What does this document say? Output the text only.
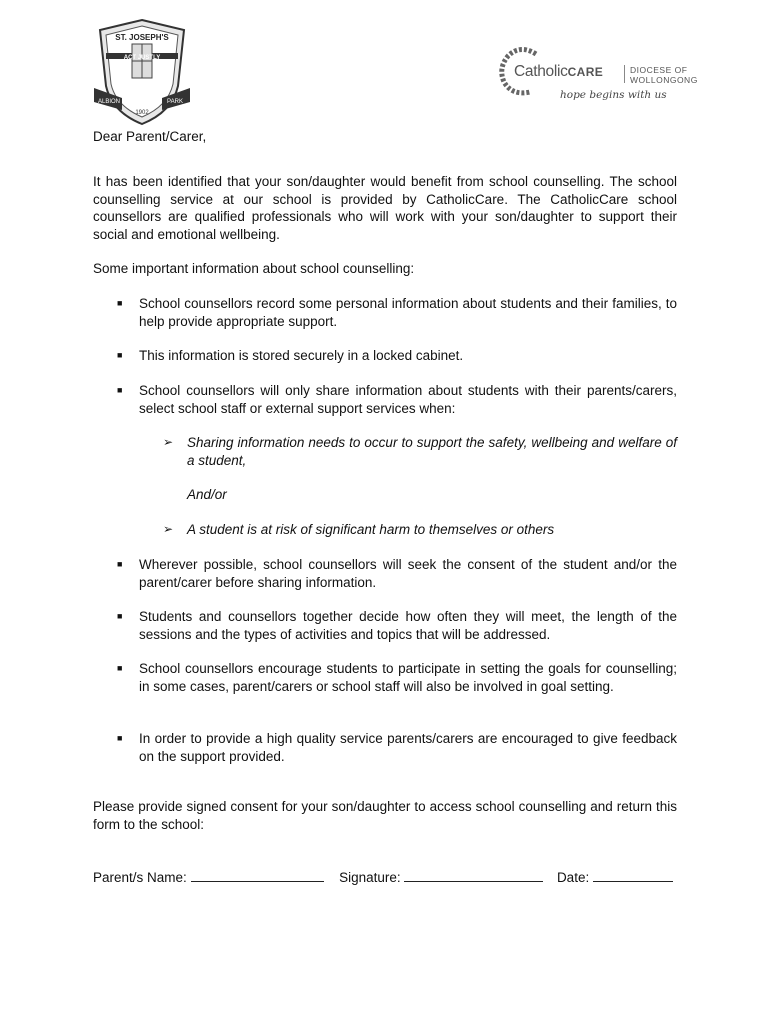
ST. JOSEPH'S
ACT JUSTLY
ALBION	PARK
1902
CatholicCARE	DIOCESE OF
WOLLONGONG
hope begins with us

Dear Parent/Carer,

It has been identified that your son/daughter would benefit from school counselling. The school counselling service at our school is provided by CatholicCare. The CatholicCare school counsellors are qualified professionals who will work with your son/daughter to support their social and emotional wellbeing.

Some important information about school counselling:

■ School counsellors record some personal information about students and their families, to help provide appropriate support.

■ This information is stored securely in a locked cabinet.

■ School counsellors will only share information about students with their parents/carers, select school staff or external support services when:

➢ Sharing information needs to occur to support the safety, wellbeing and welfare of a student,

And/or

➢ A student is at risk of significant harm to themselves or others

■ Wherever possible, school counsellors will seek the consent of the student and/or the parent/carer before sharing information.

■ Students and counsellors together decide how often they will meet, the length of the sessions and the types of activities and topics that will be addressed.

■ School counsellors encourage students to participate in setting the goals for counselling; in some cases, parent/carers or school staff will also be involved in goal setting.

■ In order to provide a high quality service parents/carers are encouraged to give feedback on the support provided.

Please provide signed consent for your son/daughter to access school counselling and return this form to the school:

Parent/s Name:	Signature:	Date:
